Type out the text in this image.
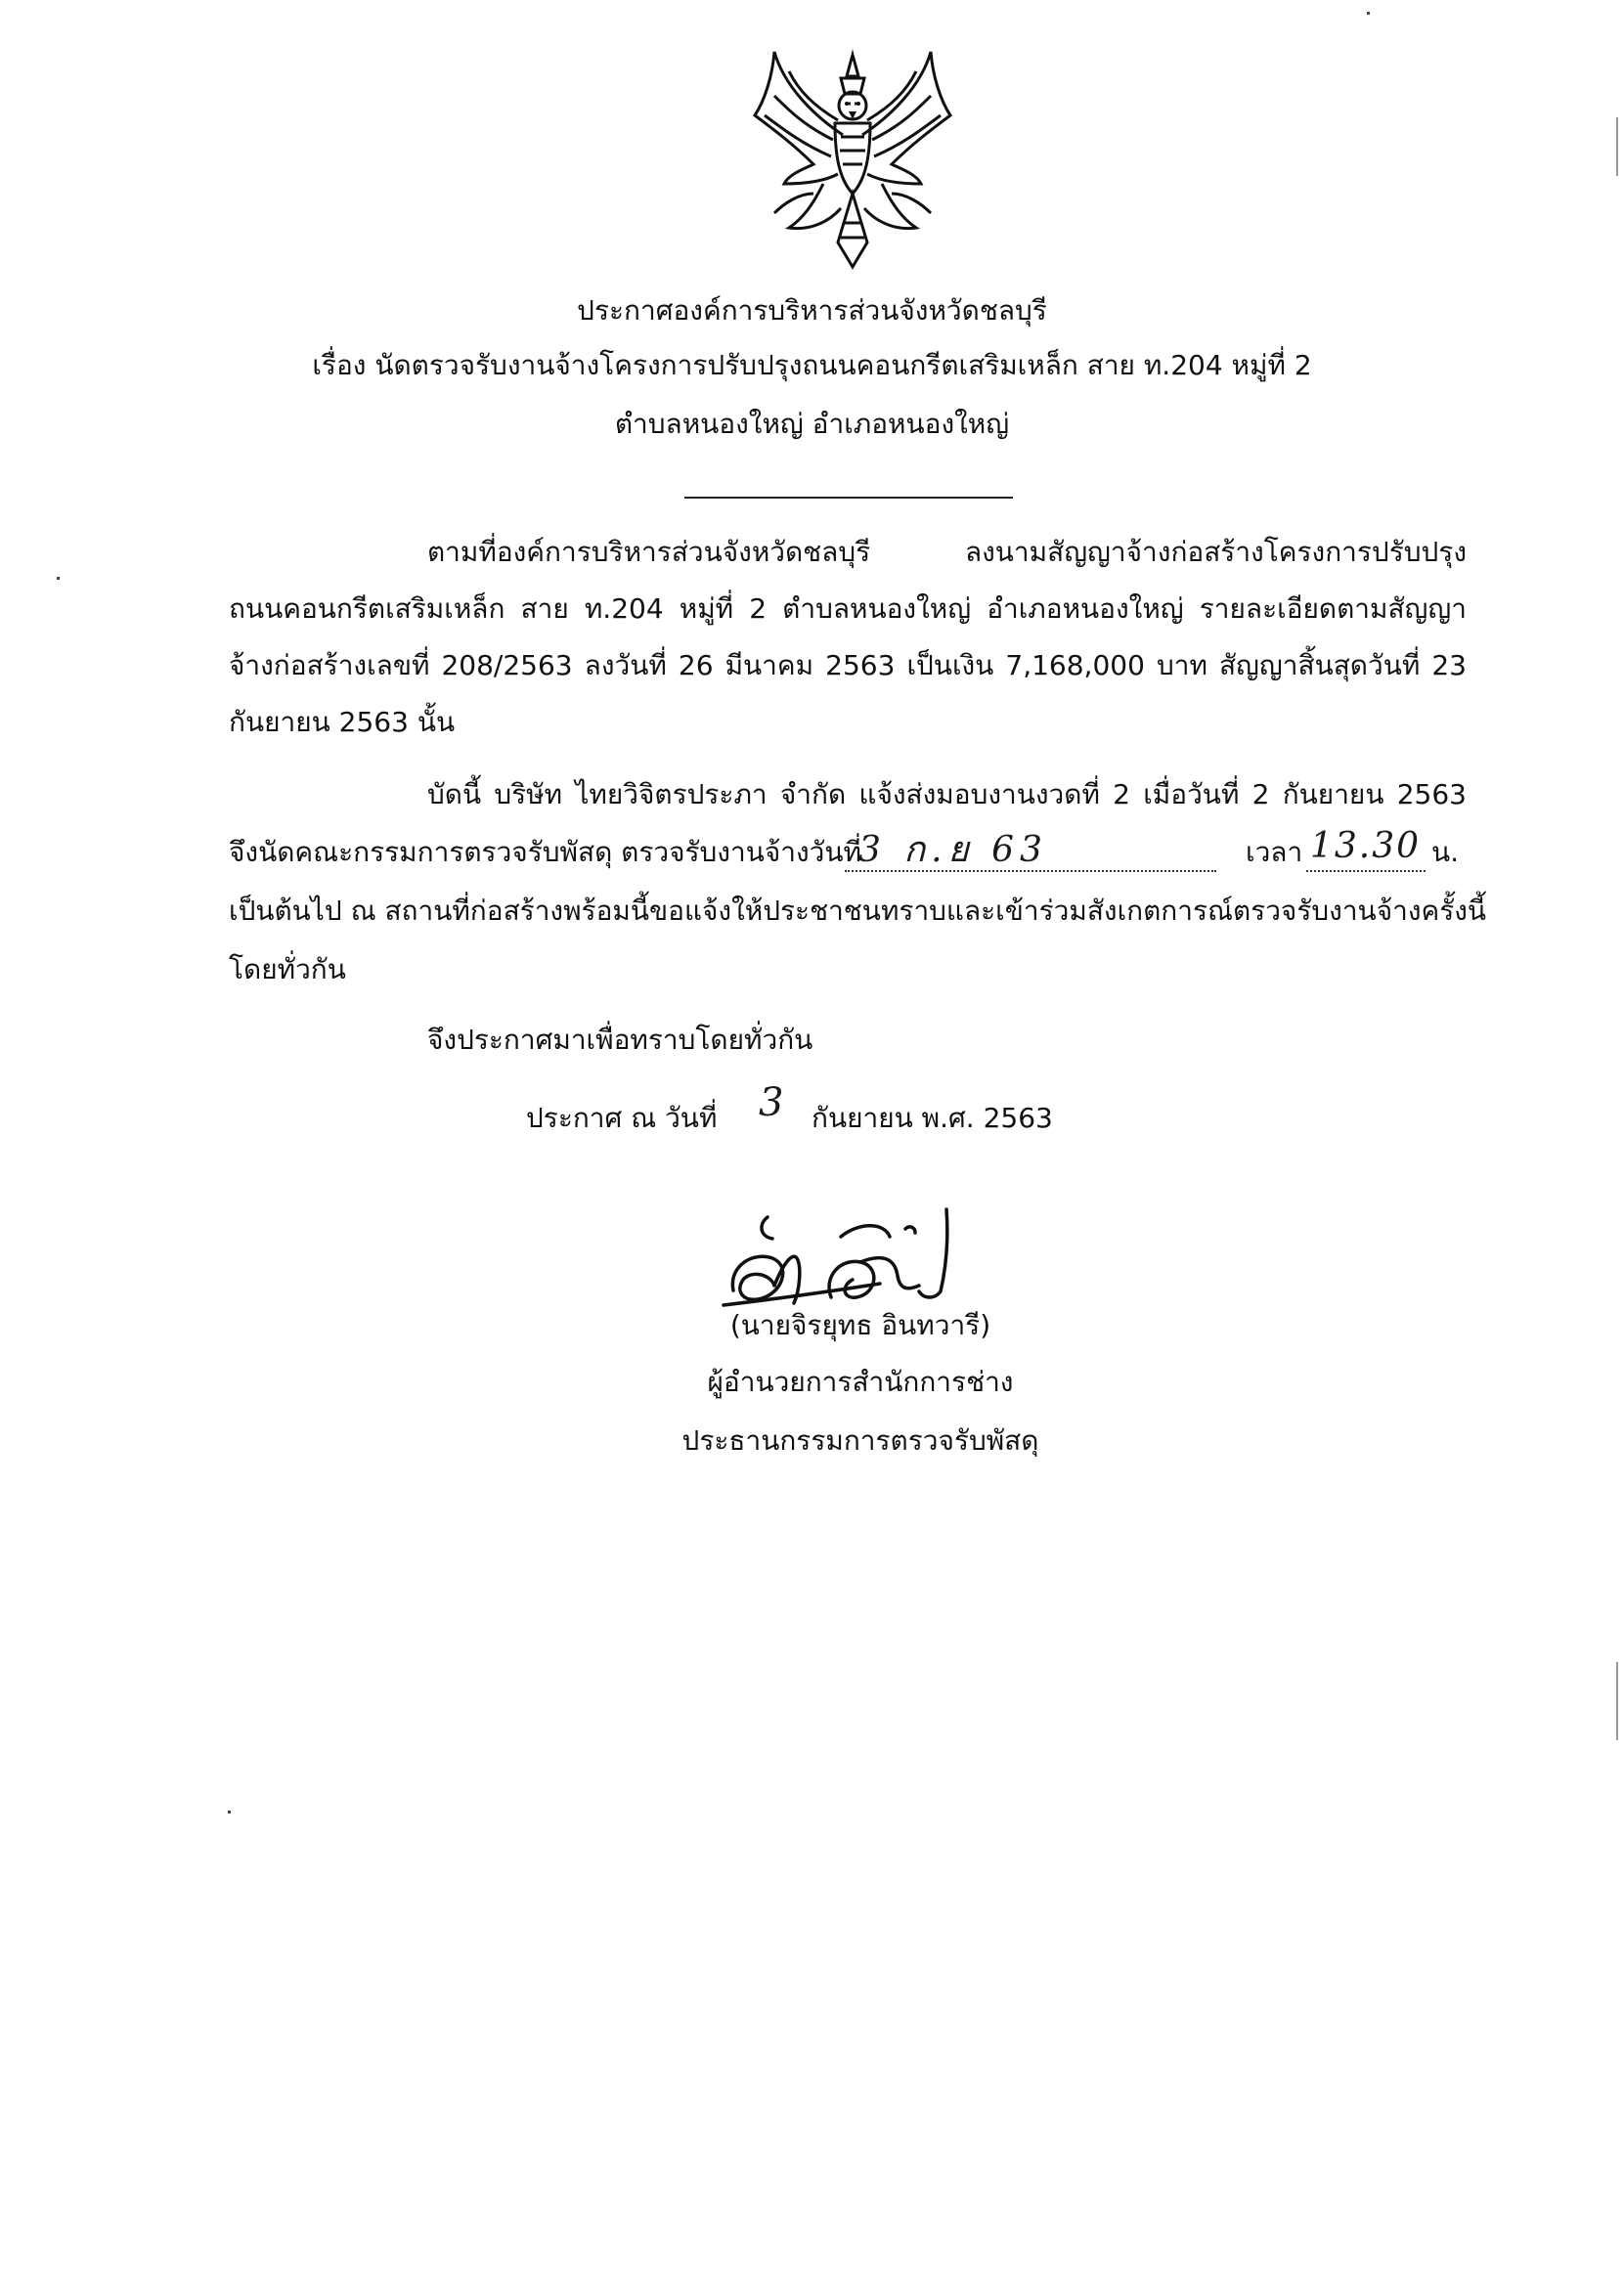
ประกาศองค์การบริหารส่วนจังหวัดชลบุรี
เรื่อง นัดตรวจรับงานจ้างโครงการปรับปรุงถนนคอนกรีตเสริมเหล็ก สาย ท.204 หมู่ที่ 2
ตำบลหนองใหญ่ อำเภอหนองใหญ่
ตามที่องค์การบริหารส่วนจังหวัดชลบุรี ลงนามสัญญาจ้างก่อสร้างโครงการปรับปรุง
ถนนคอนกรีตเสริมเหล็ก สาย ท.204 หมู่ที่ 2 ตำบลหนองใหญ่ อำเภอหนองใหญ่ รายละเอียดตามสัญญา
จ้างก่อสร้างเลขที่ 208/2563 ลงวันที่ 26 มีนาคม 2563 เป็นเงิน 7,168,000 บาท สัญญาสิ้นสุดวันที่ 23
กันยายน 2563 นั้น
บัดนี้ บริษัท ไทยวิจิตรประภา จำกัด แจ้งส่งมอบงานงวดที่ 2 เมื่อวันที่ 2 กันยายน 2563
จึงนัดคณะกรรมการตรวจรับพัสดุ ตรวจรับงานจ้างวันที่
3 ก.ย 63	เวลา 13.30 น.
เป็นต้นไป ณ สถานที่ก่อสร้างพร้อมนี้ขอแจ้งให้ประชาชนทราบและเข้าร่วมสังเกตการณ์ตรวจรับงานจ้างครั้งนี้
โดยทั่วกัน
จึงประกาศมาเพื่อทราบโดยทั่วกัน
ประกาศ ณ วันที่ 3 กันยายน พ.ศ. 2563
(นายจิรยุทธ อินทวารี)
ผู้อำนวยการสำนักการช่าง
ประธานกรรมการตรวจรับพัสดุ
